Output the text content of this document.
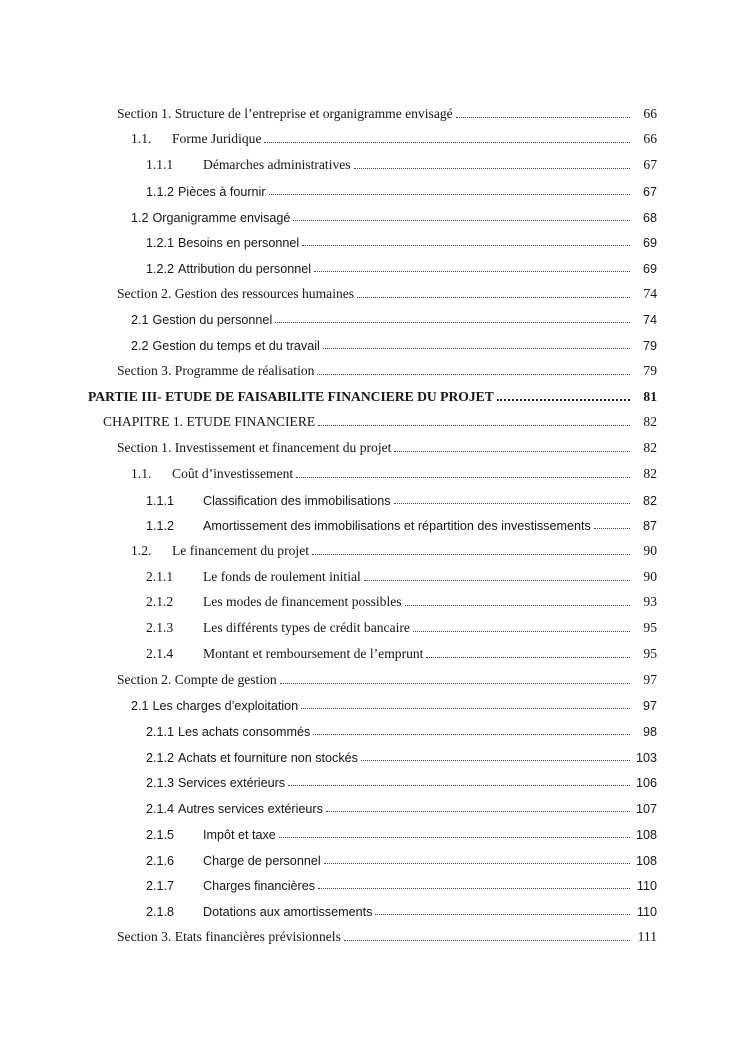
Section 1. Structure de l’entreprise et organigramme envisagé	66
1.1.	Forme Juridique	66
1.1.1	Démarches administratives	67
1.1.2 Pièces à fournir	67
1.2 Organigramme envisagé	68
1.2.1 Besoins en personnel	69
1.2.2 Attribution du personnel	69
Section 2. Gestion des ressources humaines	74
2.1 Gestion du personnel	74
2.2 Gestion du temps et du travail	79
Section 3. Programme de réalisation	79
PARTIE III- ETUDE DE FAISABILITE FINANCIERE DU PROJET	81
CHAPITRE 1. ETUDE FINANCIERE	82
Section 1. Investissement et financement du projet	82
1.1.	Coût d’investissement	82
1.1.1	Classification des immobilisations	82
1.1.2	Amortissement des immobilisations et répartition des investissements	87
1.2.	Le financement du projet	90
2.1.1	Le fonds de roulement initial	90
2.1.2	Les modes de financement possibles	93
2.1.3	Les différents types de crédit bancaire	95
2.1.4	Montant et remboursement de l’emprunt	95
Section 2. Compte de gestion	97
2.1 Les charges d’exploitation	97
2.1.1 Les achats consommés	98
2.1.2 Achats et fourniture non stockés	103
2.1.3 Services extérieurs	106
2.1.4 Autres services extérieurs	107
2.1.5	Impôt et taxe	108
2.1.6	Charge de personnel	108
2.1.7	Charges financières	110
2.1.8	Dotations aux amortissements	110
Section 3. Etats financières prévisionnels	111
